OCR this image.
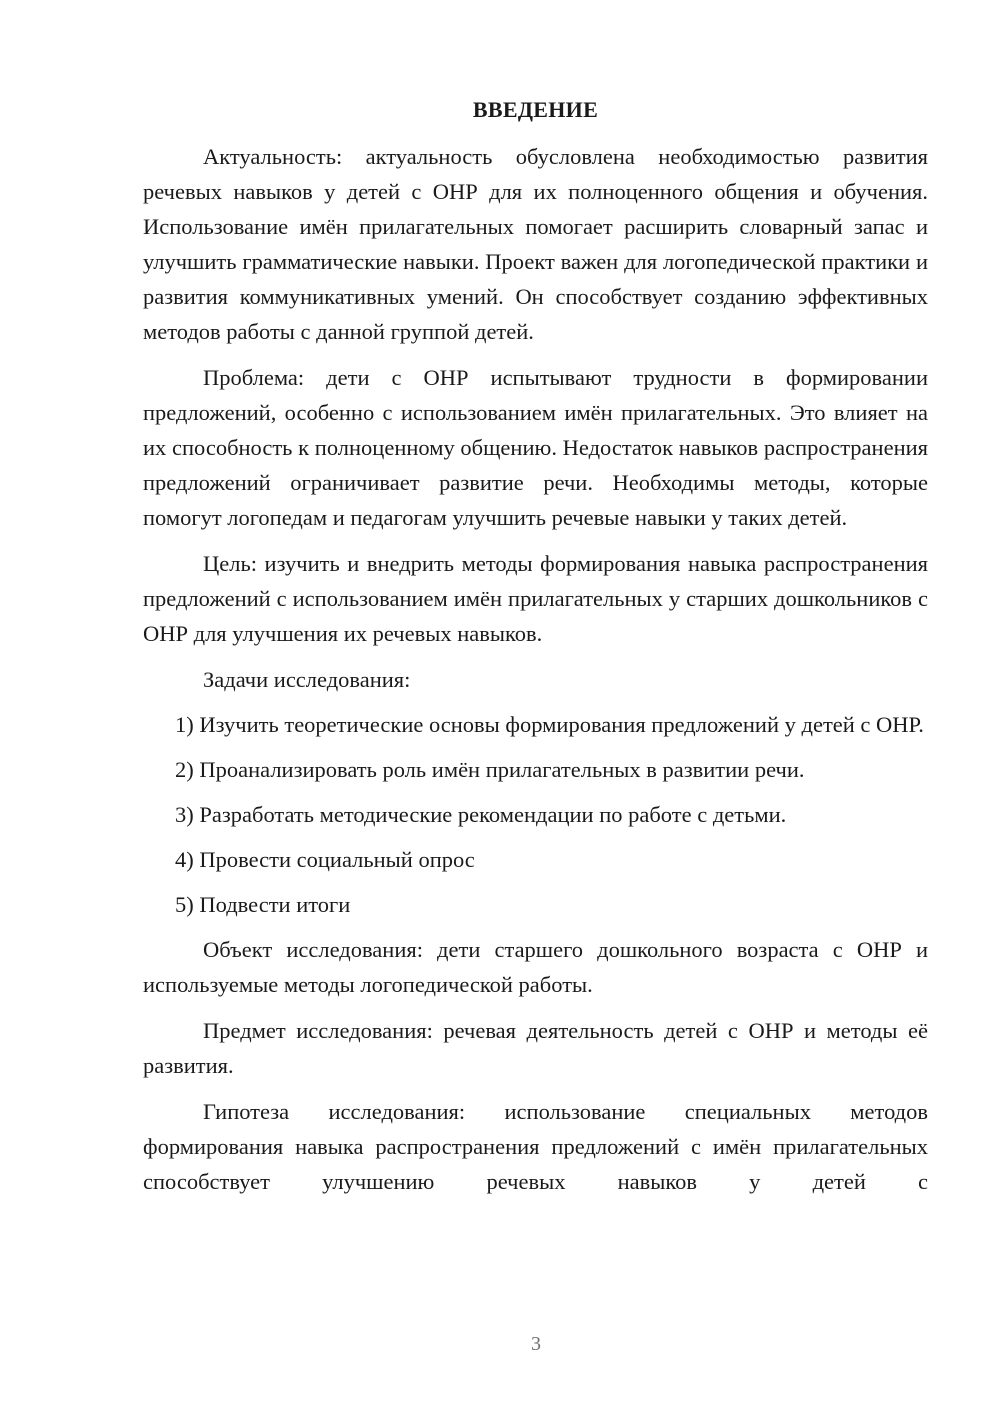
ВВЕДЕНИЕ

Актуальность: актуальность обусловлена необходимостью развития речевых навыков у детей с ОНР для их полноценного общения и обучения. Использование имён прилагательных помогает расширить словарный запас и улучшить грамматические навыки. Проект важен для логопедической практики и развития коммуникативных умений. Он способствует созданию эффективных методов работы с данной группой детей.

Проблема: дети с ОНР испытывают трудности в формировании предложений, особенно с использованием имён прилагательных. Это влияет на их способность к полноценному общению. Недостаток навыков распространения предложений ограничивает развитие речи. Необходимы методы, которые помогут логопедам и педагогам улучшить речевые навыки у таких детей.

Цель: изучить и внедрить методы формирования навыка распространения предложений с использованием имён прилагательных у старших дошкольников с ОНР для улучшения их речевых навыков.

Задачи исследования:

1) Изучить теоретические основы формирования предложений у детей с ОНР.

2) Проанализировать роль имён прилагательных в развитии речи.

3) Разработать методические рекомендации по работе с детьми.

4) Провести социальный опрос

5) Подвести итоги

Объект исследования: дети старшего дошкольного возраста с ОНР и используемые методы логопедической работы.

Предмет исследования: речевая деятельность детей с ОНР и методы её развития.

Гипотеза исследования: использование специальных методов формирования навыка распространения предложений с имён прилагательных способствует улучшению речевых навыков у детей с

3
